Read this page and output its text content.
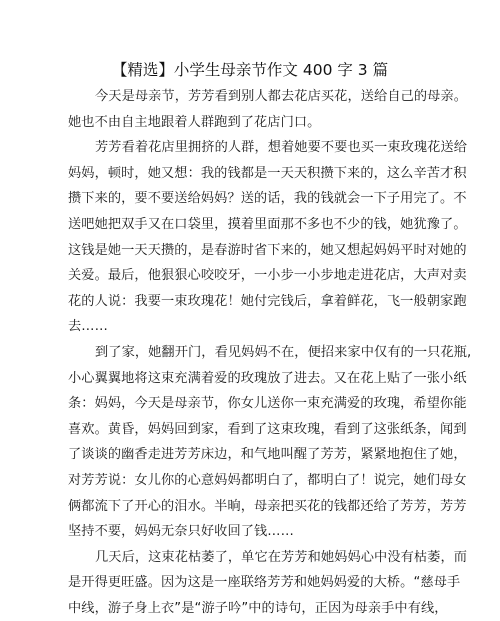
【精选】小学生母亲节作文 400 字 3 篇
今天是母亲节，芳芳看到别人都去花店买花，送给自己的母亲。
她也不由自主地跟着人群跑到了花店门口。
芳芳看着花店里拥挤的人群，想着她要不要也买一束玫瑰花送给
妈妈，顿时，她又想：我的钱都是一天天积攒下来的，这么辛苦才积
攒下来的，要不要送给妈妈？送的话，我的钱就会一下子用完了。不
送吧她把双手又在口袋里，摸着里面那不多也不少的钱，她犹豫了。
这钱是她一天天攒的，是春游时省下来的，她又想起妈妈平时对她的
关爱。最后，他狠狠心咬咬牙，一小步一小步地走进花店，大声对卖
花的人说：我要一束玫瑰花！她付完钱后，拿着鲜花，飞一般朝家跑
去……
到了家，她翻开门，看见妈妈不在，便招来家中仅有的一只花瓶,
小心翼翼地将这束充满着爱的玫瑰放了进去。又在花上贴了一张小纸
条：妈妈，今天是母亲节，你女儿送你一束充满爱的玫瑰，希望你能
喜欢。黄昏，妈妈回到家，看到了这束玫瑰，看到了这张纸条，闻到
了谈谈的幽香走进芳芳床边，和气地叫醒了芳芳，紧紧地抱住了她，
对芳芳说：女儿你的心意妈妈都明白了，都明白了！说完，她们母女
俩都流下了开心的泪水。半晌，母亲把买花的钱都还给了芳芳，芳芳
坚持不要，妈妈无奈只好收回了钱……
几天后，这束花枯萎了，单它在芳芳和她妈妈心中没有枯萎，而
是开得更旺盛。因为这是一座联络芳芳和她妈妈爱的大桥。“慈母手
中线，游子身上衣”是“游子吟”中的诗句，正因为母亲手中有线，
